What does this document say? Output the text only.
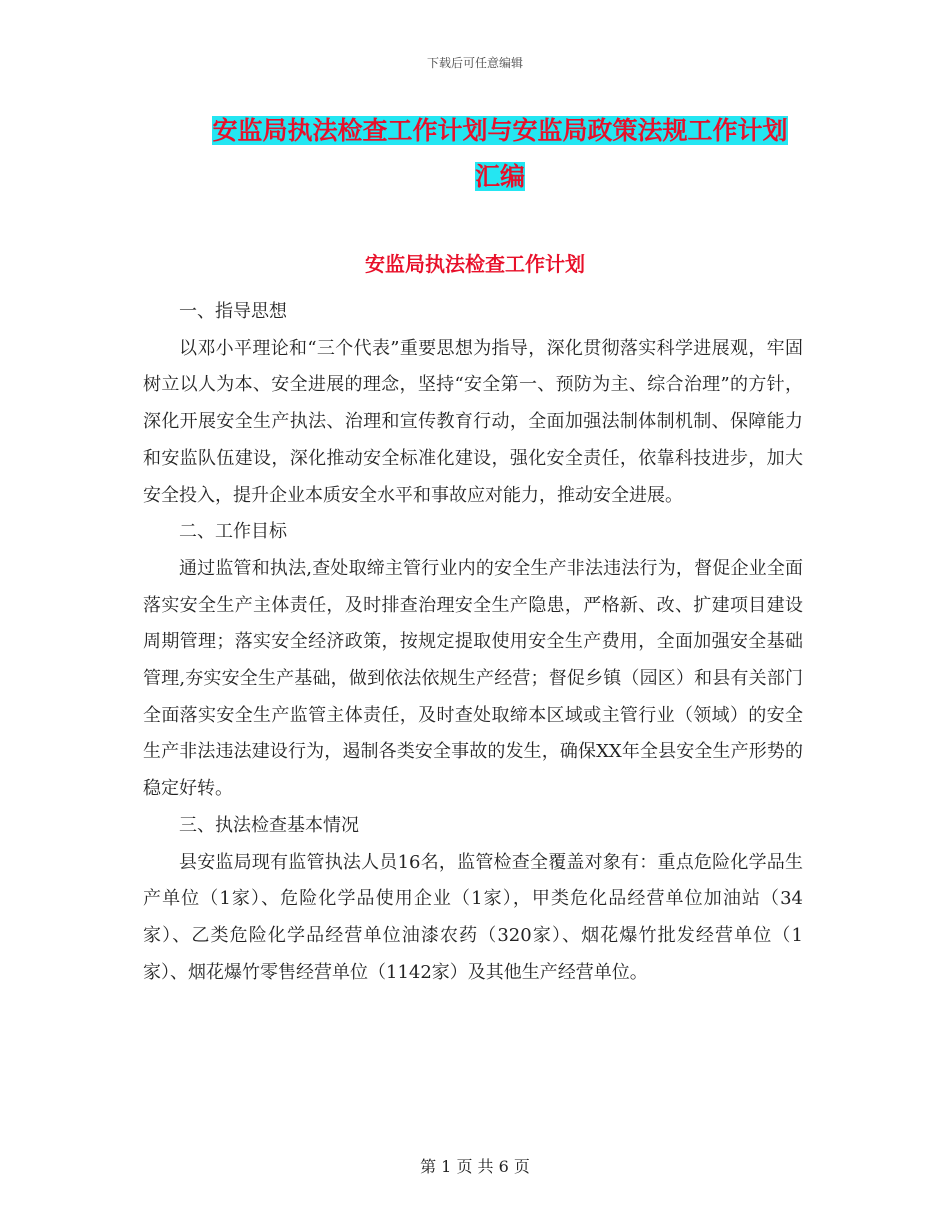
下载后可任意编辑
安监局执法检查工作计划与安监局政策法规工作计划
汇编
安监局执法检查工作计划

一、指导思想

以邓小平理论和“三个代表”重要思想为指导，深化贯彻落实科学进展观，牢固树立以人为本、安全进展的理念，坚持“安全第一、预防为主、综合治理”的方针，深化开展安全生产执法、治理和宣传教育行动，全面加强法制体制机制、保障能力和安监队伍建设，深化推动安全标准化建设，强化安全责任，依靠科技进步，加大安全投入，提升企业本质安全水平和事故应对能力，推动安全进展。

二、工作目标

通过监管和执法,查处取缔主管行业内的安全生产非法违法行为，督促企业全面落实安全生产主体责任，及时排查治理安全生产隐患，严格新、改、扩建项目建设周期管理；落实安全经济政策，按规定提取使用安全生产费用，全面加强安全基础管理,夯实安全生产基础，做到依法依规生产经营；督促乡镇（园区）和县有关部门全面落实安全生产监管主体责任，及时查处取缔本区域或主管行业（领域）的安全生产非法违法建设行为，遏制各类安全事故的发生，确保XX年全县安全生产形势的稳定好转。

三、执法检查基本情况

县安监局现有监管执法人员16名，监管检查全覆盖对象有：重点危险化学品生产单位（1家）、危险化学品使用企业（1家），甲类危化品经营单位加油站（34家）、乙类危险化学品经营单位油漆农药（320家）、烟花爆竹批发经营单位（1家）、烟花爆竹零售经营单位（1142家）及其他生产经营单位。

第 1 页 共 6 页
